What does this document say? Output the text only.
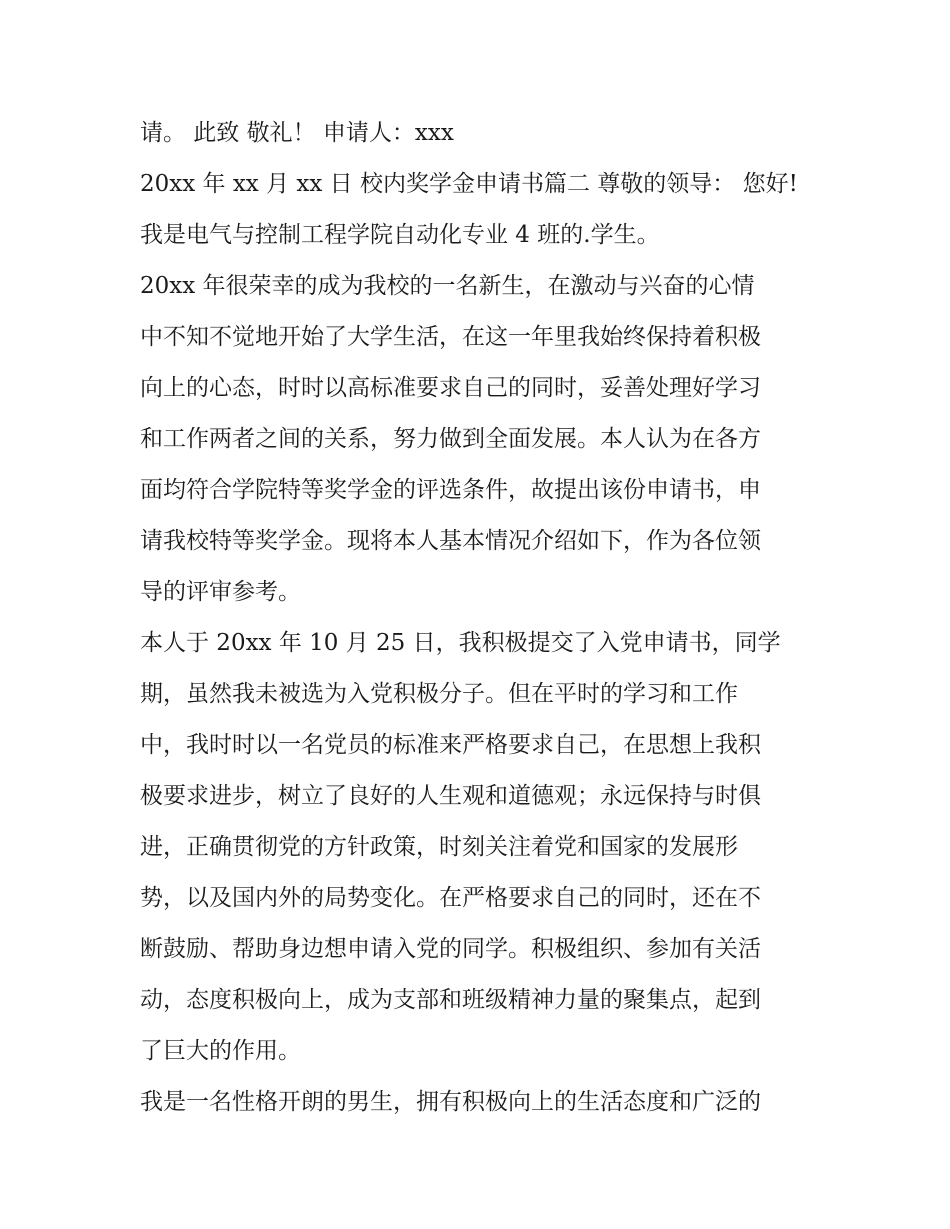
请。 此致 敬礼！ 申请人：xxx
20xx 年 xx 月 xx 日 校内奖学金申请书篇二 尊敬的领导： 您好!
我是电气与控制工程学院自动化专业 4 班的.学生。
20xx 年很荣幸的成为我校的一名新生，在激动与兴奋的心情
中不知不觉地开始了大学生活，在这一年里我始终保持着积极
向上的心态，时时以高标准要求自己的同时，妥善处理好学习
和工作两者之间的关系，努力做到全面发展。本人认为在各方
面均符合学院特等奖学金的评选条件，故提出该份申请书，申
请我校特等奖学金。现将本人基本情况介绍如下，作为各位领
导的评审参考。
本人于 20xx 年 10 月 25 日，我积极提交了入党申请书，同学
期，虽然我未被选为入党积极分子。但在平时的学习和工作
中，我时时以一名党员的标准来严格要求自己，在思想上我积
极要求进步，树立了良好的人生观和道德观；永远保持与时俱
进，正确贯彻党的方针政策，时刻关注着党和国家的发展形
势，以及国内外的局势变化。在严格要求自己的同时，还在不
断鼓励、帮助身边想申请入党的同学。积极组织、参加有关活
动，态度积极向上，成为支部和班级精神力量的聚集点，起到
了巨大的作用。
我是一名性格开朗的男生，拥有积极向上的生活态度和广泛的
